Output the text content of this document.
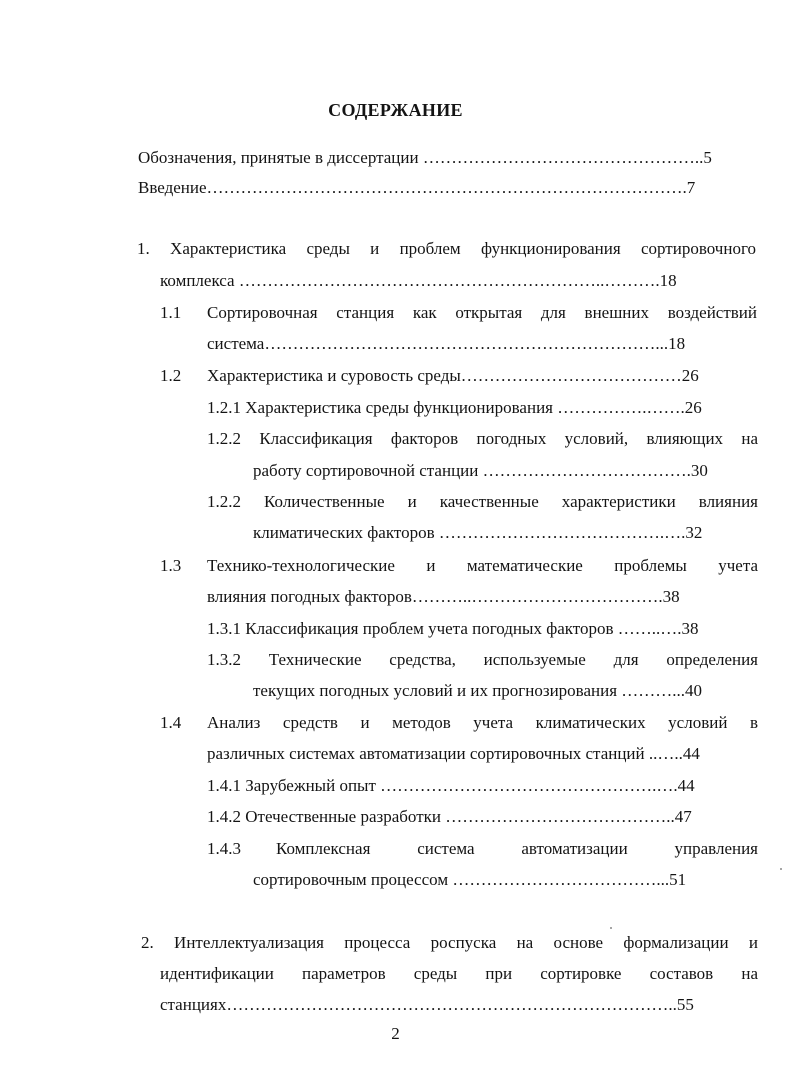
СОДЕРЖАНИЕ
Обозначения, принятые в диссертации …………………………………………..5
Введение………………………………………………………………………….7
1. Характеристика среды и проблем функционирования сортировочного
комплекса ………………………………………………………..……….18
1.1 Сортировочная станция как открытая для внешних воздействий
система……………………………………………………………...18
1.2 Характеристика и суровость среды…………………………………26
1.2.1 Характеристика среды функционирования …………….…….26
1.2.2 Классификация факторов погодных условий, влияющих на
работу сортировочной станции ……………………………….30
1.2.2 Количественные и качественные характеристики влияния
климатических факторов ………………………………….….32
1.3 Технико-технологические и математические проблемы учета
влияния погодных факторов………..…………………………….38
1.3.1 Классификация проблем учета погодных факторов ……..….38
1.3.2 Технические средства, используемые для определения
текущих погодных условий и их прогнозирования ………...40
1.4 Анализ средств и методов учета климатических условий в
различных системах автоматизации сортировочных станций ..…..44
1.4.1 Зарубежный опыт ………………………………………….….44
1.4.2 Отечественные разработки …………………………………..47
1.4.3 Комплексная система автоматизации управления
сортировочным процессом ………………………………...51
2. Интеллектуализация процесса роспуска на основе формализации и
идентификации параметров среды при сортировке составов на
станциях……………………………………………………………………..55
2
